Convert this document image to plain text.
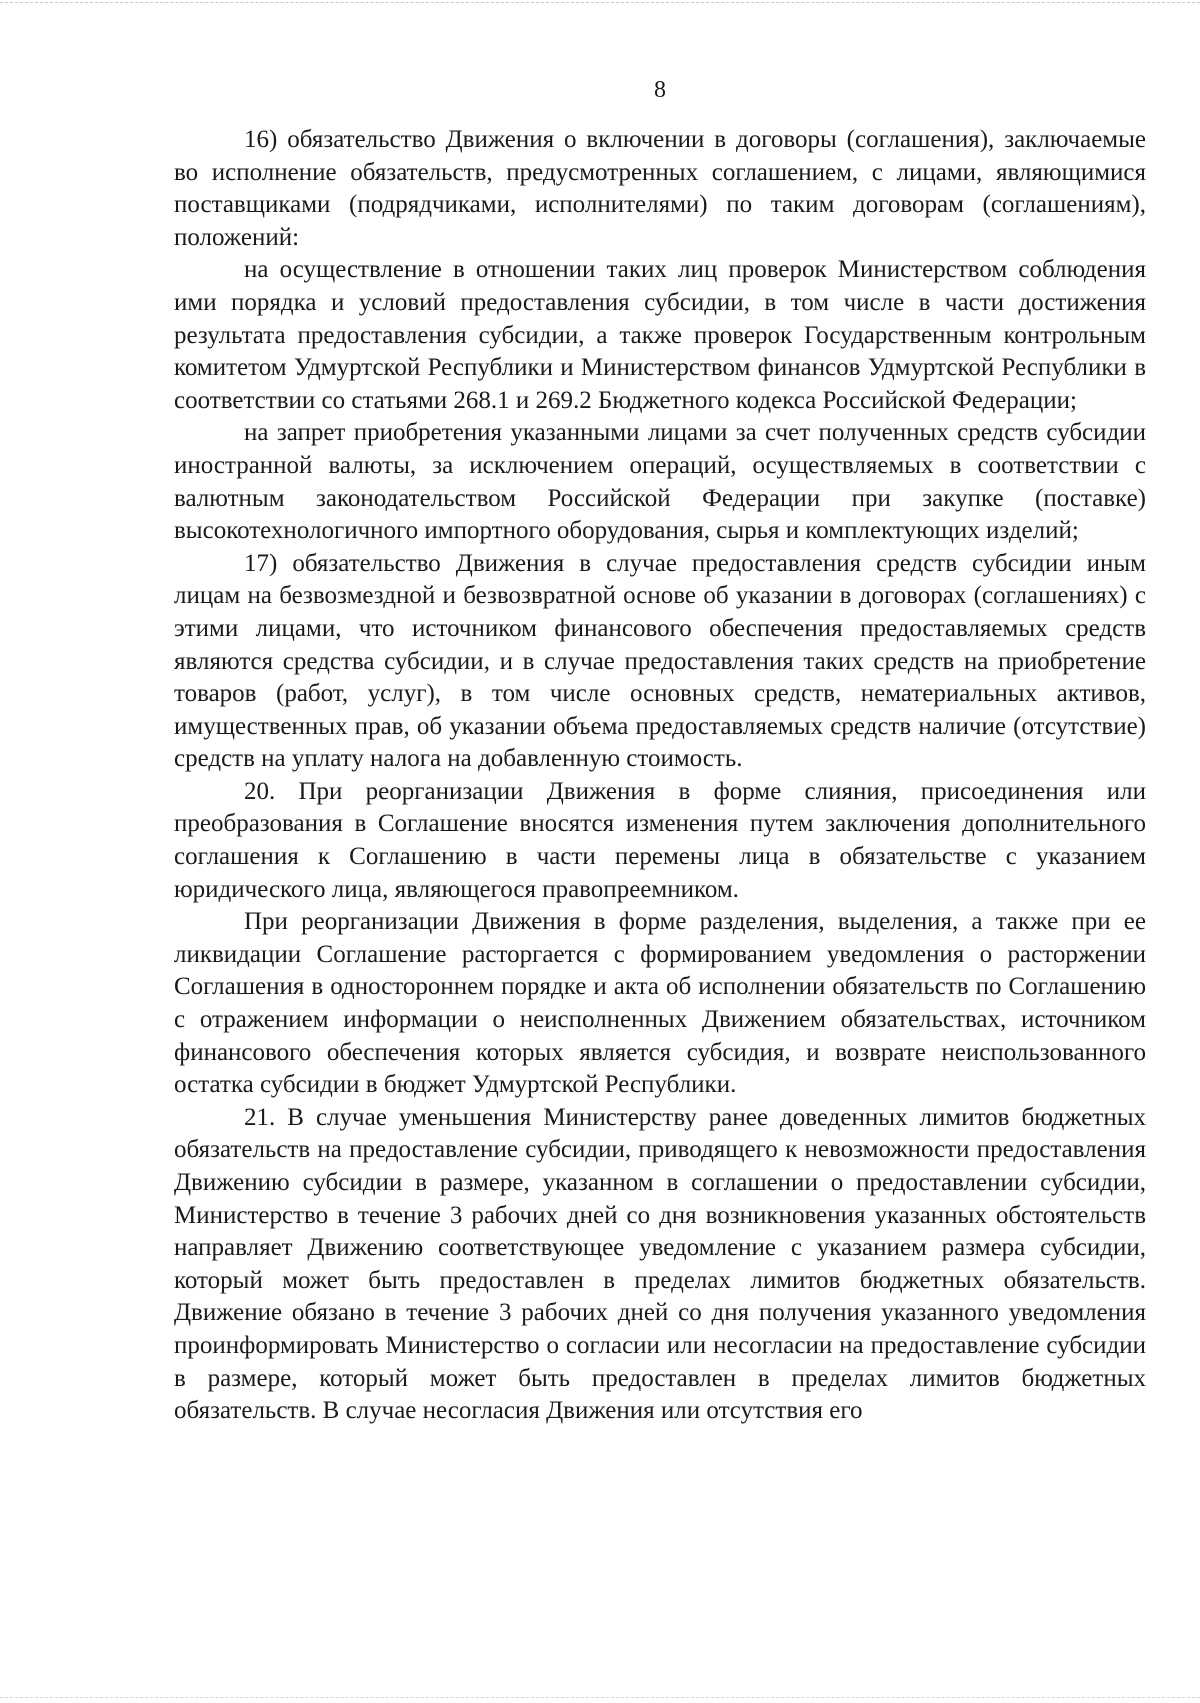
8

16) обязательство Движения о включении в договоры (соглашения), заключаемые во исполнение обязательств, предусмотренных соглашением, с лицами, являющимися поставщиками (подрядчиками, исполнителями) по таким договорам (соглашениям), положений:

на осуществление в отношении таких лиц проверок Министерством соблюдения ими порядка и условий предоставления субсидии, в том числе в части достижения результата предоставления субсидии, а также проверок Государственным контрольным комитетом Удмуртской Республики и Министерством финансов Удмуртской Республики в соответствии со статьями 268.1 и 269.2 Бюджетного кодекса Российской Федерации;

на запрет приобретения указанными лицами за счет полученных средств субсидии иностранной валюты, за исключением операций, осуществляемых в соответствии с валютным законодательством Российской Федерации при закупке (поставке) высокотехнологичного импортного оборудования, сырья и комплектующих изделий;

17) обязательство Движения в случае предоставления средств субсидии иным лицам на безвозмездной и безвозвратной основе об указании в договорах (соглашениях) с этими лицами, что источником финансового обеспечения предоставляемых средств являются средства субсидии, и в случае предоставления таких средств на приобретение товаров (работ, услуг), в том числе основных средств, нематериальных активов, имущественных прав, об указании объема предоставляемых средств наличие (отсутствие) средств на уплату налога на добавленную стоимость.

20. При реорганизации Движения в форме слияния, присоединения или преобразования в Соглашение вносятся изменения путем заключения дополнительного соглашения к Соглашению в части перемены лица в обязательстве с указанием юридического лица, являющегося правопреемником.

При реорганизации Движения в форме разделения, выделения, а также при ее ликвидации Соглашение расторгается с формированием уведомления о расторжении Соглашения в одностороннем порядке и акта об исполнении обязательств по Соглашению с отражением информации о неисполненных Движением обязательствах, источником финансового обеспечения которых является субсидия, и возврате неиспользованного остатка субсидии в бюджет Удмуртской Республики.

21. В случае уменьшения Министерству ранее доведенных лимитов бюджетных обязательств на предоставление субсидии, приводящего к невозможности предоставления Движению субсидии в размере, указанном в соглашении о предоставлении субсидии, Министерство в течение 3 рабочих дней со дня возникновения указанных обстоятельств направляет Движению соответствующее уведомление с указанием размера субсидии, который может быть предоставлен в пределах лимитов бюджетных обязательств. Движение обязано в течение 3 рабочих дней со дня получения указанного уведомления проинформировать Министерство о согласии или несогласии на предоставление субсидии в размере, который может быть предоставлен в пределах лимитов бюджетных обязательств. В случае несогласия Движения или отсутствия его
